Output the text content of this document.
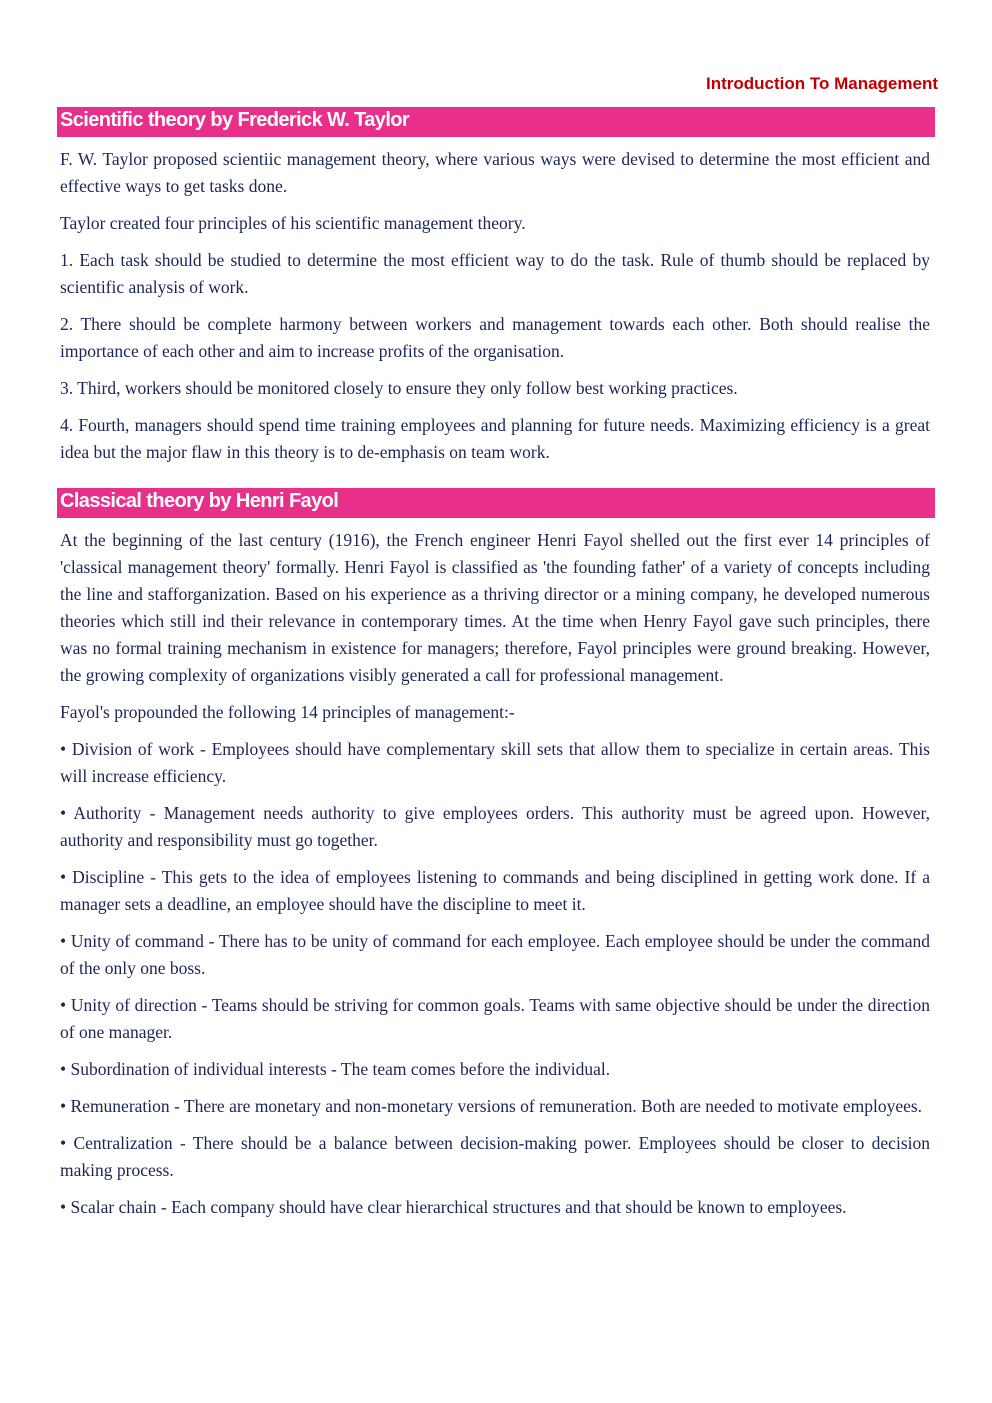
Introduction To Management
Scientific theory by Frederick W. Taylor

F. W. Taylor proposed scientiic management theory, where various ways were devised to determine the most efficient and effective ways to get tasks done.

Taylor created four principles of his scientific management theory.

1. Each task should be studied to determine the most efficient way to do the task. Rule of thumb should be replaced by scientific analysis of work.

2. There should be complete harmony between workers and management towards each other. Both should realise the importance of each other and aim to increase profits of the organisation.

3. Third, workers should be monitored closely to ensure they only follow best working practices.

4. Fourth, managers should spend time training employees and planning for future needs. Maximizing efficiency is a great idea but the major flaw in this theory is to de-emphasis on team work.

Classical theory by Henri Fayol

At the beginning of the last century (1916), the French engineer Henri Fayol shelled out the first ever 14 principles of 'classical management theory' formally. Henri Fayol is classified as 'the founding father' of a variety of concepts including the line and stafforganization. Based on his experience as a thriving director or a mining company, he developed numerous theories which still ind their relevance in contemporary times. At the time when Henry Fayol gave such principles, there was no formal training mechanism in existence for managers; therefore, Fayol principles were ground breaking. However, the growing complexity of organizations visibly generated a call for professional management.

Fayol's propounded the following 14 principles of management:-

• Division of work - Employees should have complementary skill sets that allow them to specialize in certain areas. This will increase efficiency.

• Authority - Management needs authority to give employees orders. This authority must be agreed upon. However, authority and responsibility must go together.

• Discipline - This gets to the idea of employees listening to commands and being disciplined in getting work done. If a manager sets a deadline, an employee should have the discipline to meet it.

• Unity of command - There has to be unity of command for each employee. Each employee should be under the command of the only one boss.

• Unity of direction - Teams should be striving for common goals. Teams with same objective should be under the direction of one manager.

• Subordination of individual interests - The team comes before the individual.

• Remuneration - There are monetary and non-monetary versions of remuneration. Both are needed to motivate employees.

• Centralization - There should be a balance between decision-making power. Employees should be closer to decision making process.

• Scalar chain - Each company should have clear hierarchical structures and that should be known to employees.
